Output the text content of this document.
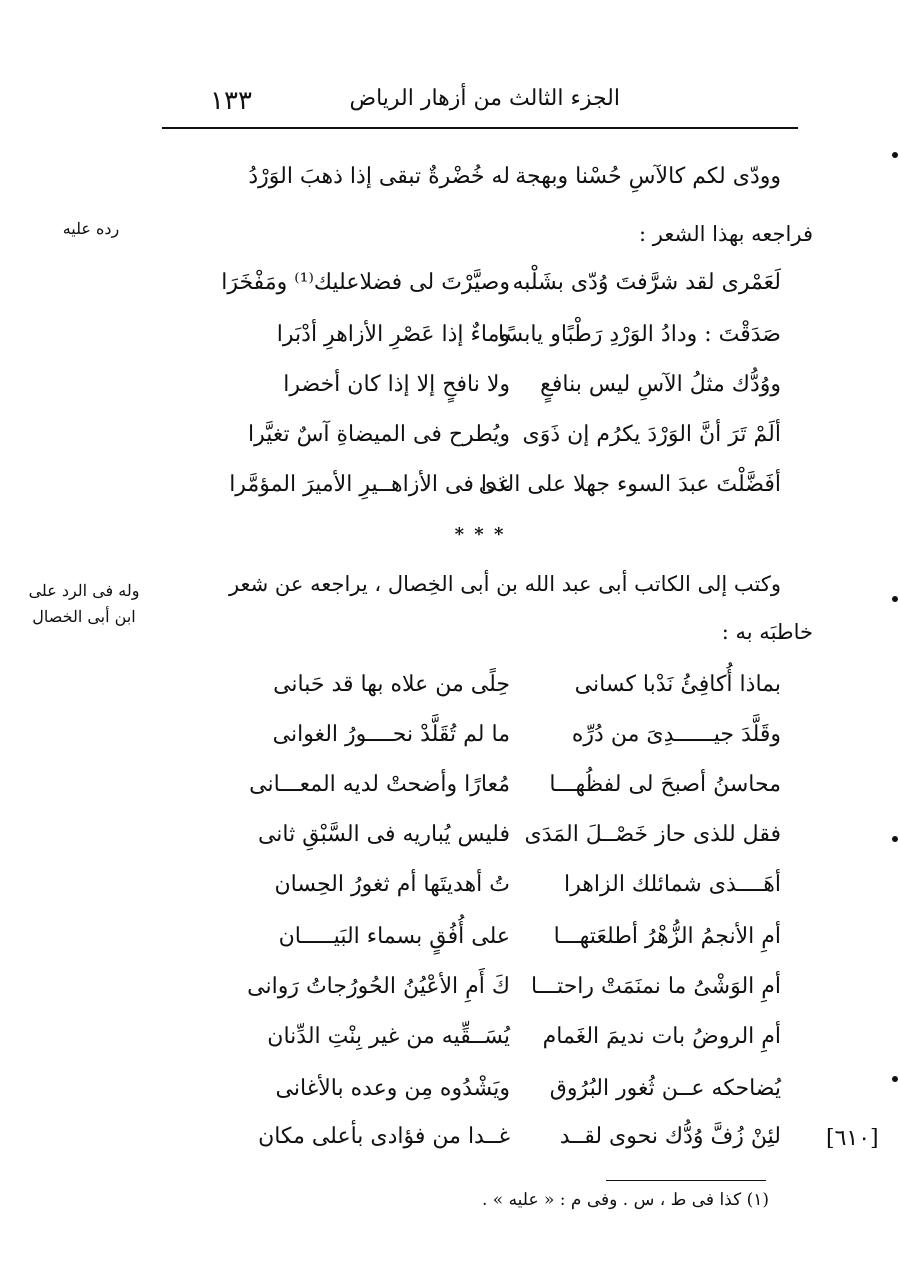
١٣٣	الجزء الثالث من أزهار الرياض
وودّى لكم كالآسِ حُسْنا وبهجة
له خُضْرةٌ تبقى إذا ذهبَ الوَرْدُ
فراجعه بهذا الشعر :
رده عليه
لَعَمْرى لقد شرَّفتَ وُدّى بشَلْبه
وصيَّرْتَ لى فضلاعليك⁽¹⁾ ومَفْخَرَا
صَدَقْتَ : ودادُ الوَرْدِ رَطْبًاو يابسًا
وماءٌ إذا عَصْرِ الأزاهرِ أدْبَرا
ووُدُّك مثلُ الآسِ ليس بنافعٍ
ولا نافحٍ إلا إذا كان أخضرا
ألَمْ تَرَ أنَّ الوَرْدَ يكرُم إن ذَوَى
ويُطرح فى الميضاةِ آسٌ تغيَّرا
أفَضَّلْتَ عبدَ السوء جهلا على الذى
غدا فى الأزاهــيرِ الأميرَ المؤمَّرا
* * *
وكتب إلى الكاتب أبى عبد الله بن أبى الخِصال ، يراجعه عن شعر
خاطبَه به :
وله فى الرد على
ابن أبى الخصال
بماذا أُكافِئُ نَدْبا كسانى
حِلًى من علاه بها قد حَبانى
وقَلَّدَ جيــــــدِىَ من دُرِّه
ما لم تُقَلَّدْ نحــــورُ الغوانى
محاسنُ أصبحَ لى لفظُهـــا
مُعارًا وأضحتْ لديه المعـــانى
فقل للذى حاز خَصْــلَ المَدَى
فليس يُباريه فى السَّبْقِ ثانى
أهَــــذى شمائلك الزاهرا
تُ أهديتَها أم ثغورُ الحِسان
أمِ الأنجمُ الزُّهْرُ أطلعَتهـــا
على أُفُقٍ بسماء البَيـــــان
أمِ الوَشْىُ ما نمنَمَتْ راحتـــا
كَ أَمِ الأعْيُنُ الحُورُجاتُ رَوانى
أمِ الروضُ بات نديمَ الغَمام
يُسَــقِّيه من غير بِنْتِ الدِّنان
يُضاحكه عــن ثُغور البُرُوق
ويَشْدُوه مِن وعده بالأغانى
لئِنْ زُفَّ وُدُّك نحوى لقــد
غــدا من فؤادى بأعلى مكان	[٦١٠]
(١) كذا فى ط ، س . وفى م : « عليه » .
